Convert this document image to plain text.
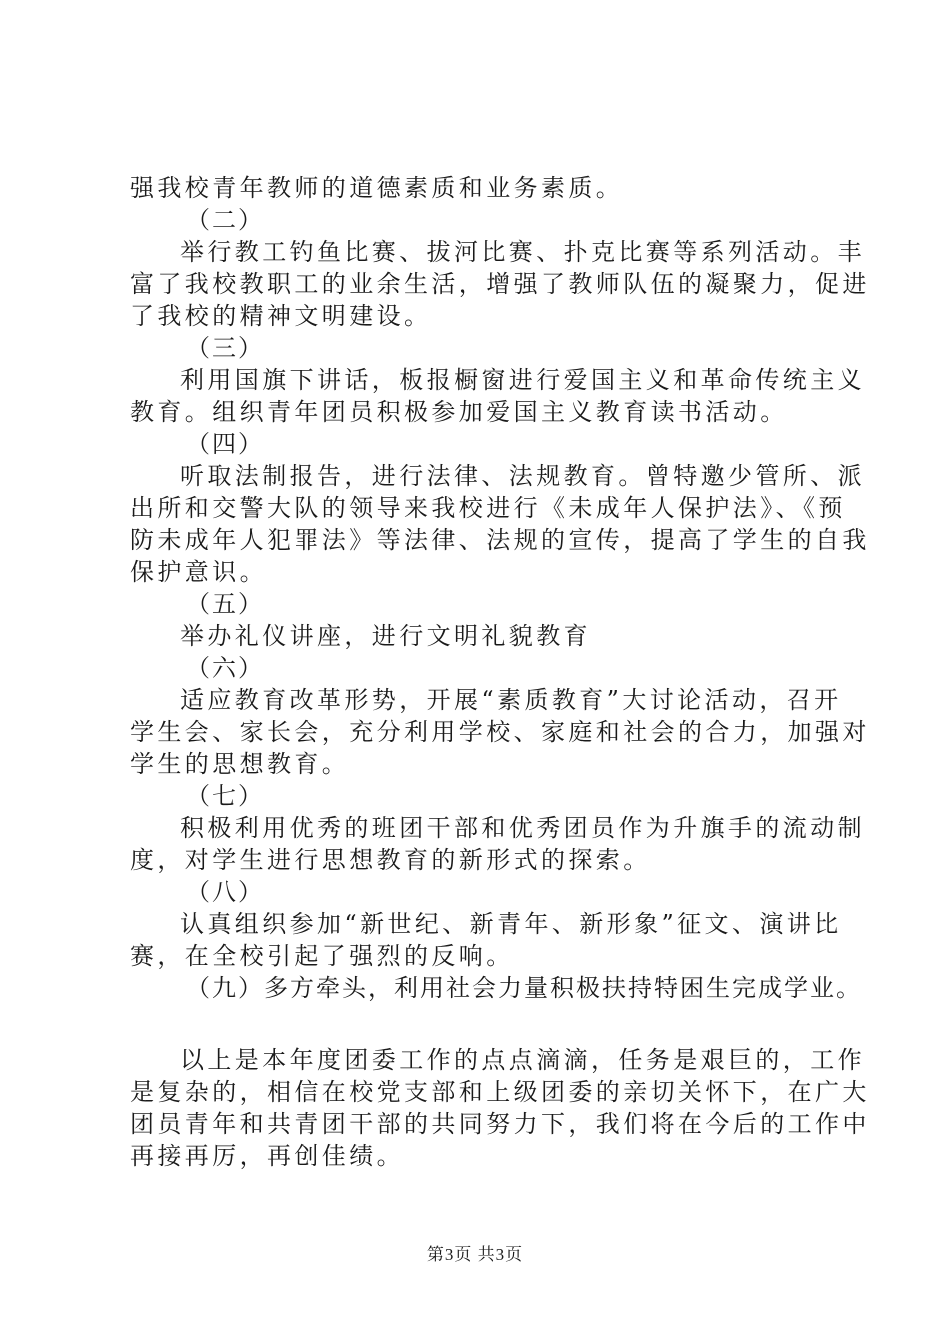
强我校青年教师的道德素质和业务素质。
（二）
举行教工钓鱼比赛、拔河比赛、扑克比赛等系列活动。丰
富了我校教职工的业余生活，增强了教师队伍的凝聚力，促进
了我校的精神文明建设。
（三）
利用国旗下讲话，板报橱窗进行爱国主义和革命传统主义
教育。组织青年团员积极参加爱国主义教育读书活动。
（四）
听取法制报告，进行法律、法规教育。曾特邀少管所、派
出所和交警大队的领导来我校进行《未成年人保护法》、《预
防未成年人犯罪法》等法律、法规的宣传，提高了学生的自我
保护意识。
（五）
举办礼仪讲座，进行文明礼貌教育
（六）
适应教育改革形势，开展“素质教育”大讨论活动，召开
学生会、家长会，充分利用学校、家庭和社会的合力，加强对
学生的思想教育。
（七）
积极利用优秀的班团干部和优秀团员作为升旗手的流动制
度，对学生进行思想教育的新形式的探索。
（八）
认真组织参加“新世纪、新青年、新形象”征文、演讲比
赛，在全校引起了强烈的反响。
（九）多方牵头，利用社会力量积极扶持特困生完成学业。
以上是本年度团委工作的点点滴滴，任务是艰巨的，工作
是复杂的，相信在校党支部和上级团委的亲切关怀下，在广大
团员青年和共青团干部的共同努力下，我们将在今后的工作中
再接再厉，再创佳绩。
第3页 共3页
